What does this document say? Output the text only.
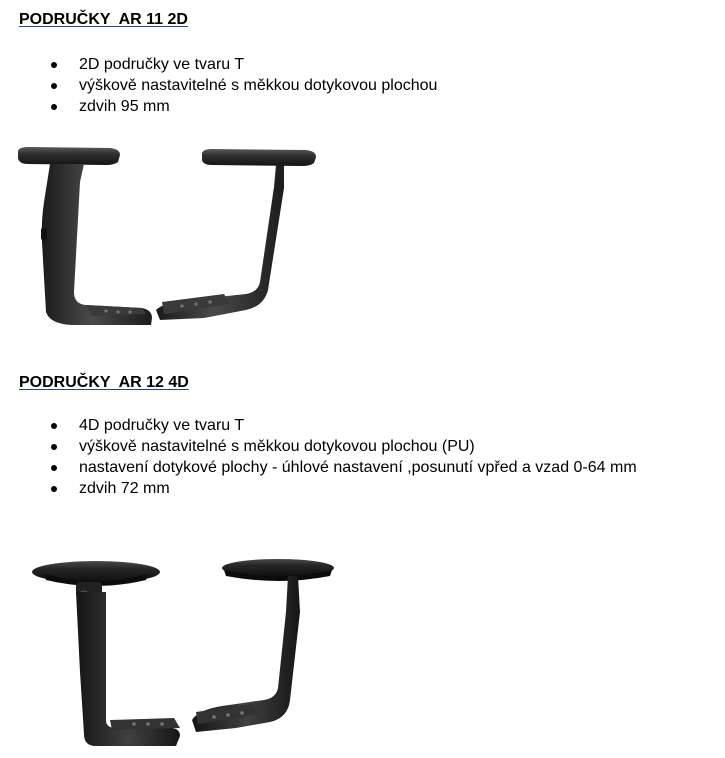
PODRUČKY  AR 11 2D
2D područky ve tvaru T
výškově nastavitelné s měkkou dotykovou plochou
zdvih 95 mm
PODRUČKY  AR 12 4D
4D područky ve tvaru T
výškově nastavitelné s měkkou dotykovou plochou (PU)
nastavení dotykové plochy - úhlové nastavení ,posunutí vpřed a vzad 0-64 mm
zdvih 72 mm
